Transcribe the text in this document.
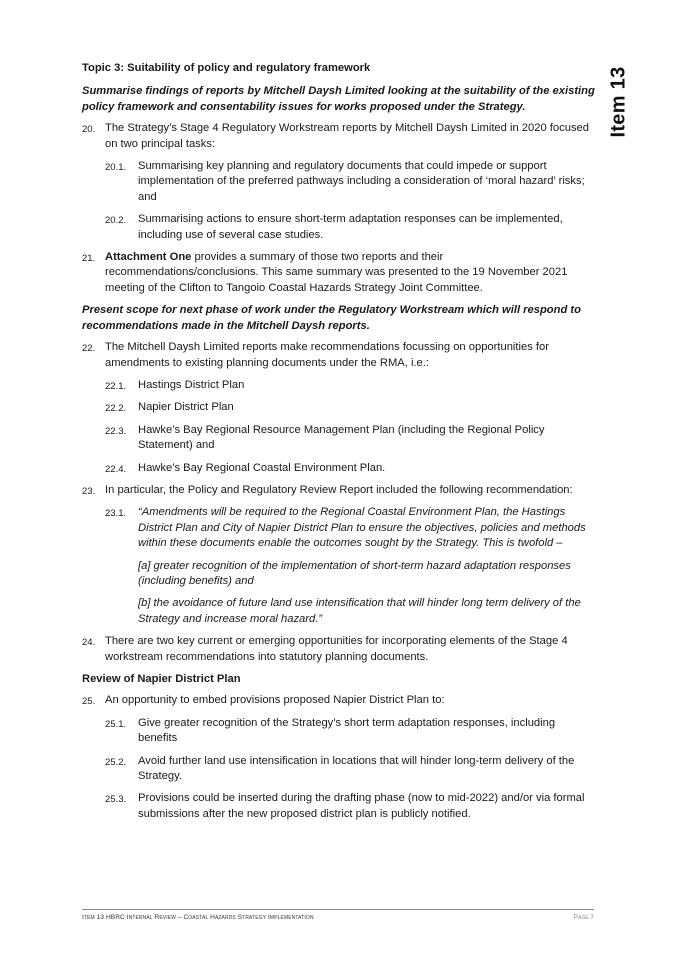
Item 13

Topic 3: Suitability of policy and regulatory framework

Summarise findings of reports by Mitchell Daysh Limited looking at the suitability of the existing policy framework and consentability issues for works proposed under the Strategy.

20. The Strategy’s Stage 4 Regulatory Workstream reports by Mitchell Daysh Limited in 2020 focused on two principal tasks:
20.1. Summarising key planning and regulatory documents that could impede or support implementation of the preferred pathways including a consideration of ‘moral hazard’ risks; and
20.2. Summarising actions to ensure short-term adaptation responses can be implemented, including use of several case studies.
21. Attachment One provides a summary of those two reports and their recommendations/conclusions. This same summary was presented to the 19 November 2021 meeting of the Clifton to Tangoio Coastal Hazards Strategy Joint Committee.

Present scope for next phase of work under the Regulatory Workstream which will respond to recommendations made in the Mitchell Daysh reports.

22. The Mitchell Daysh Limited reports make recommendations focussing on opportunities for amendments to existing planning documents under the RMA, i.e.:
22.1. Hastings District Plan
22.2. Napier District Plan
22.3. Hawke’s Bay Regional Resource Management Plan (including the Regional Policy Statement) and
22.4. Hawke’s Bay Regional Coastal Environment Plan.
23. In particular, the Policy and Regulatory Review Report included the following recommendation:
23.1. “Amendments will be required to the Regional Coastal Environment Plan, the Hastings District Plan and City of Napier District Plan to ensure the objectives, policies and methods within these documents enable the outcomes sought by the Strategy. This is twofold –

[a] greater recognition of the implementation of short-term hazard adaptation responses (including benefits) and

[b] the avoidance of future land use intensification that will hinder long term delivery of the Strategy and increase moral hazard.”

24. There are two key current or emerging opportunities for incorporating elements of the Stage 4 workstream recommendations into statutory planning documents.

Review of Napier District Plan

25. An opportunity to embed provisions proposed Napier District Plan to:
25.1. Give greater recognition of the Strategy’s short term adaptation responses, including benefits
25.2. Avoid further land use intensification in locations that will hinder long-term delivery of the Strategy.
25.3. Provisions could be inserted during the drafting phase (now to mid-2022) and/or via formal submissions after the new proposed district plan is publicly notified.
Item 13 HBRC Internal Review – Coastal Hazards Strategy Implementation	Page 7
